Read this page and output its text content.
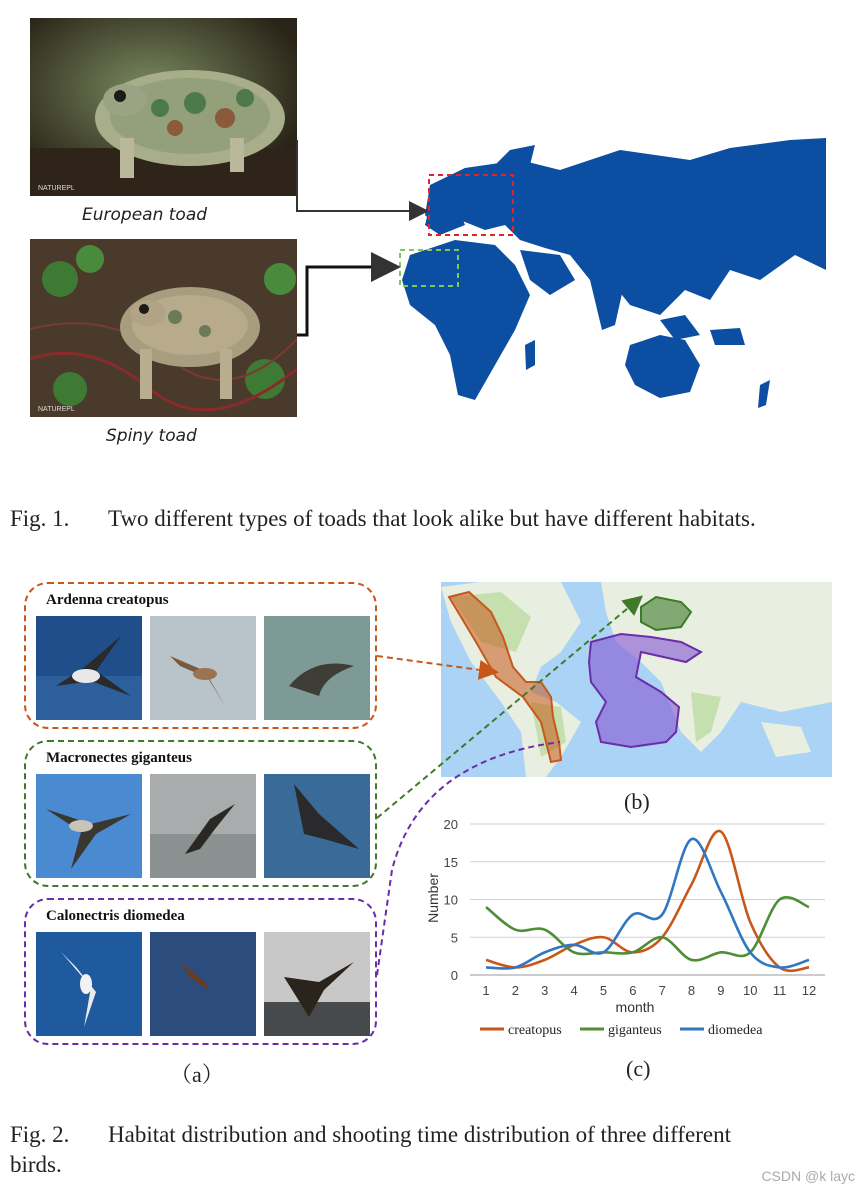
NATUREPL
European toad
NATUREPL
Spiny toad
Fig. 1. Two different types of toads that look alike but have different habitats.
Ardenna creatopus
Macronectes giganteus
Calonectris diomedea
（a）
(b)
0
5
10
15
20
1 2 3 4 5 6 7 8 9 10 11 12
Number
month
creatopus	giganteus	diomedea
(c)
Fig. 2. Habitat distribution and shooting time distribution of three different
birds.	CSDN @k layc
